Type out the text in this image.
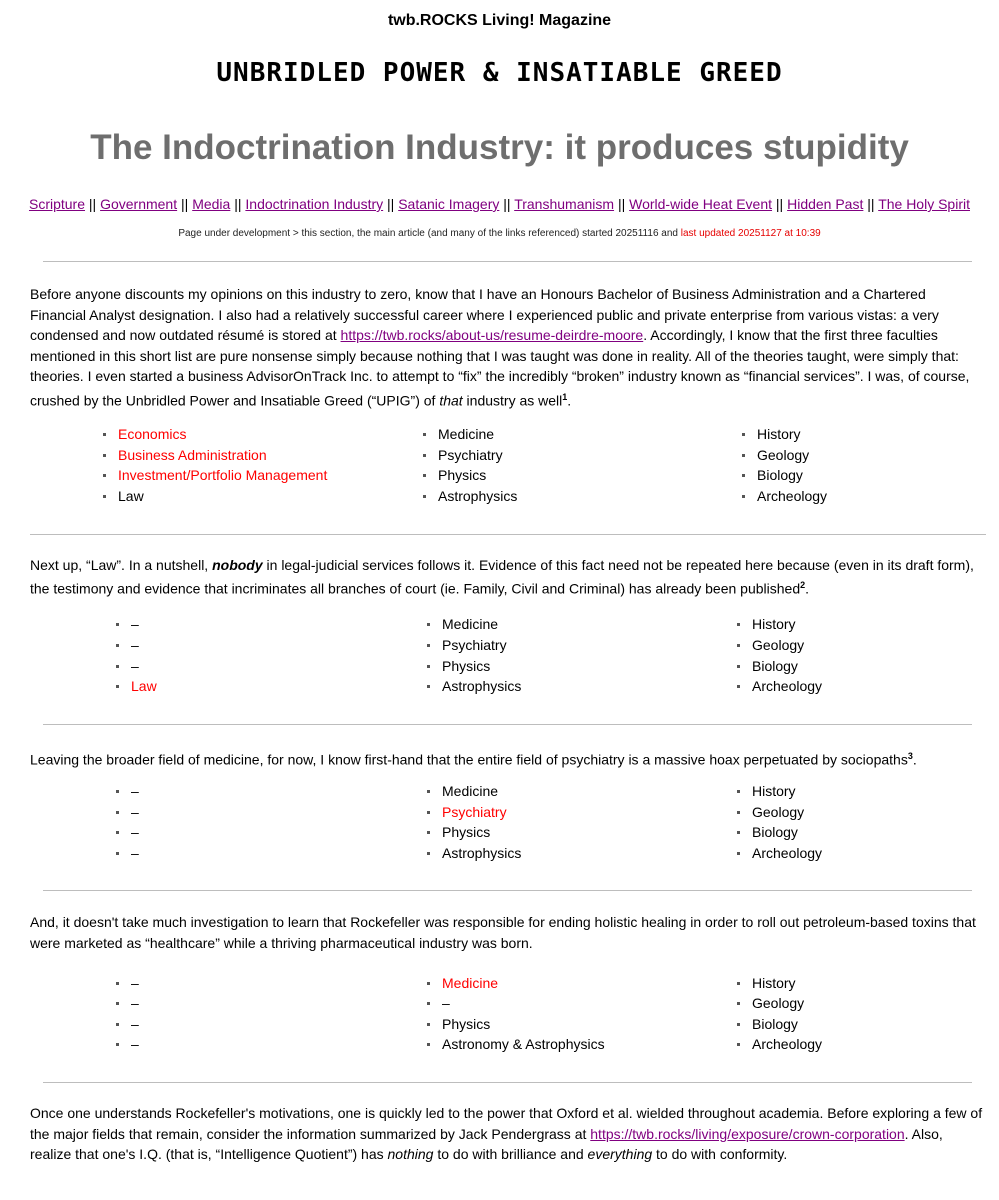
twb.ROCKS Living! Magazine
UNBRIDLED POWER & INSATIABLE GREED
The Indoctrination Industry: it produces stupidity
Scripture || Government || Media || Indoctrination Industry || Satanic Imagery || Transhumanism || World-wide Heat Event || Hidden Past || The Holy Spirit
Page under development > this section, the main article (and many of the links referenced) started 20251116 and last updated 20251127 at 10:39

Before anyone discounts my opinions on this industry to zero, know that I have an Honours Bachelor of Business Administration and a Chartered Financial Analyst designation. I also had a relatively successful career where I experienced public and private enterprise from various vistas: a very condensed and now outdated résumé is stored at https://twb.rocks/about-us/resume-deirdre-moore. Accordingly, I know that the first three faculties mentioned in this short list are pure nonsense simply because nothing that I was taught was done in reality. All of the theories taught, were simply that: theories. I even started a business AdvisorOnTrack Inc. to attempt to “fix” the incredibly “broken” industry known as “financial services”. I was, of course, crushed by the Unbridled Power and Insatiable Greed (“UPIG”) of that industry as well$^1$.

Economics
Business Administration
Investment/Portfolio Management
Law
Medicine
Psychiatry
Physics
Astrophysics
History
Geology
Biology
Archeology

Next up, “Law”. In a nutshell, nobody in legal-judicial services follows it. Evidence of this fact need not be repeated here because (even in its draft form), the testimony and evidence that incriminates all branches of court (ie. Family, Civil and Criminal) has already been published$^2$.

–
–
–
Law
Medicine
Psychiatry
Physics
Astrophysics
History
Geology
Biology
Archeology

Leaving the broader field of medicine, for now, I know first-hand that the entire field of psychiatry is a massive hoax perpetuated by sociopaths$^3$.

–
–
–
–
Medicine
Psychiatry
Physics
Astrophysics
History
Geology
Biology
Archeology

And, it doesn't take much investigation to learn that Rockefeller was responsible for ending holistic healing in order to roll out petroleum-based toxins that were marketed as “healthcare” while a thriving pharmaceutical industry was born.

–
–
–
–
Medicine
–
Physics
Astronomy & Astrophysics
History
Geology
Biology
Archeology

Once one understands Rockefeller's motivations, one is quickly led to the power that Oxford et al. wielded throughout academia. Before exploring a few of the major fields that remain, consider the information summarized by Jack Pendergrass at https://twb.rocks/living/exposure/crown-corporation. Also, realize that one's I.Q. (that is, “Intelligence Quotient”) has nothing to do with brilliance and everything to do with conformity.
